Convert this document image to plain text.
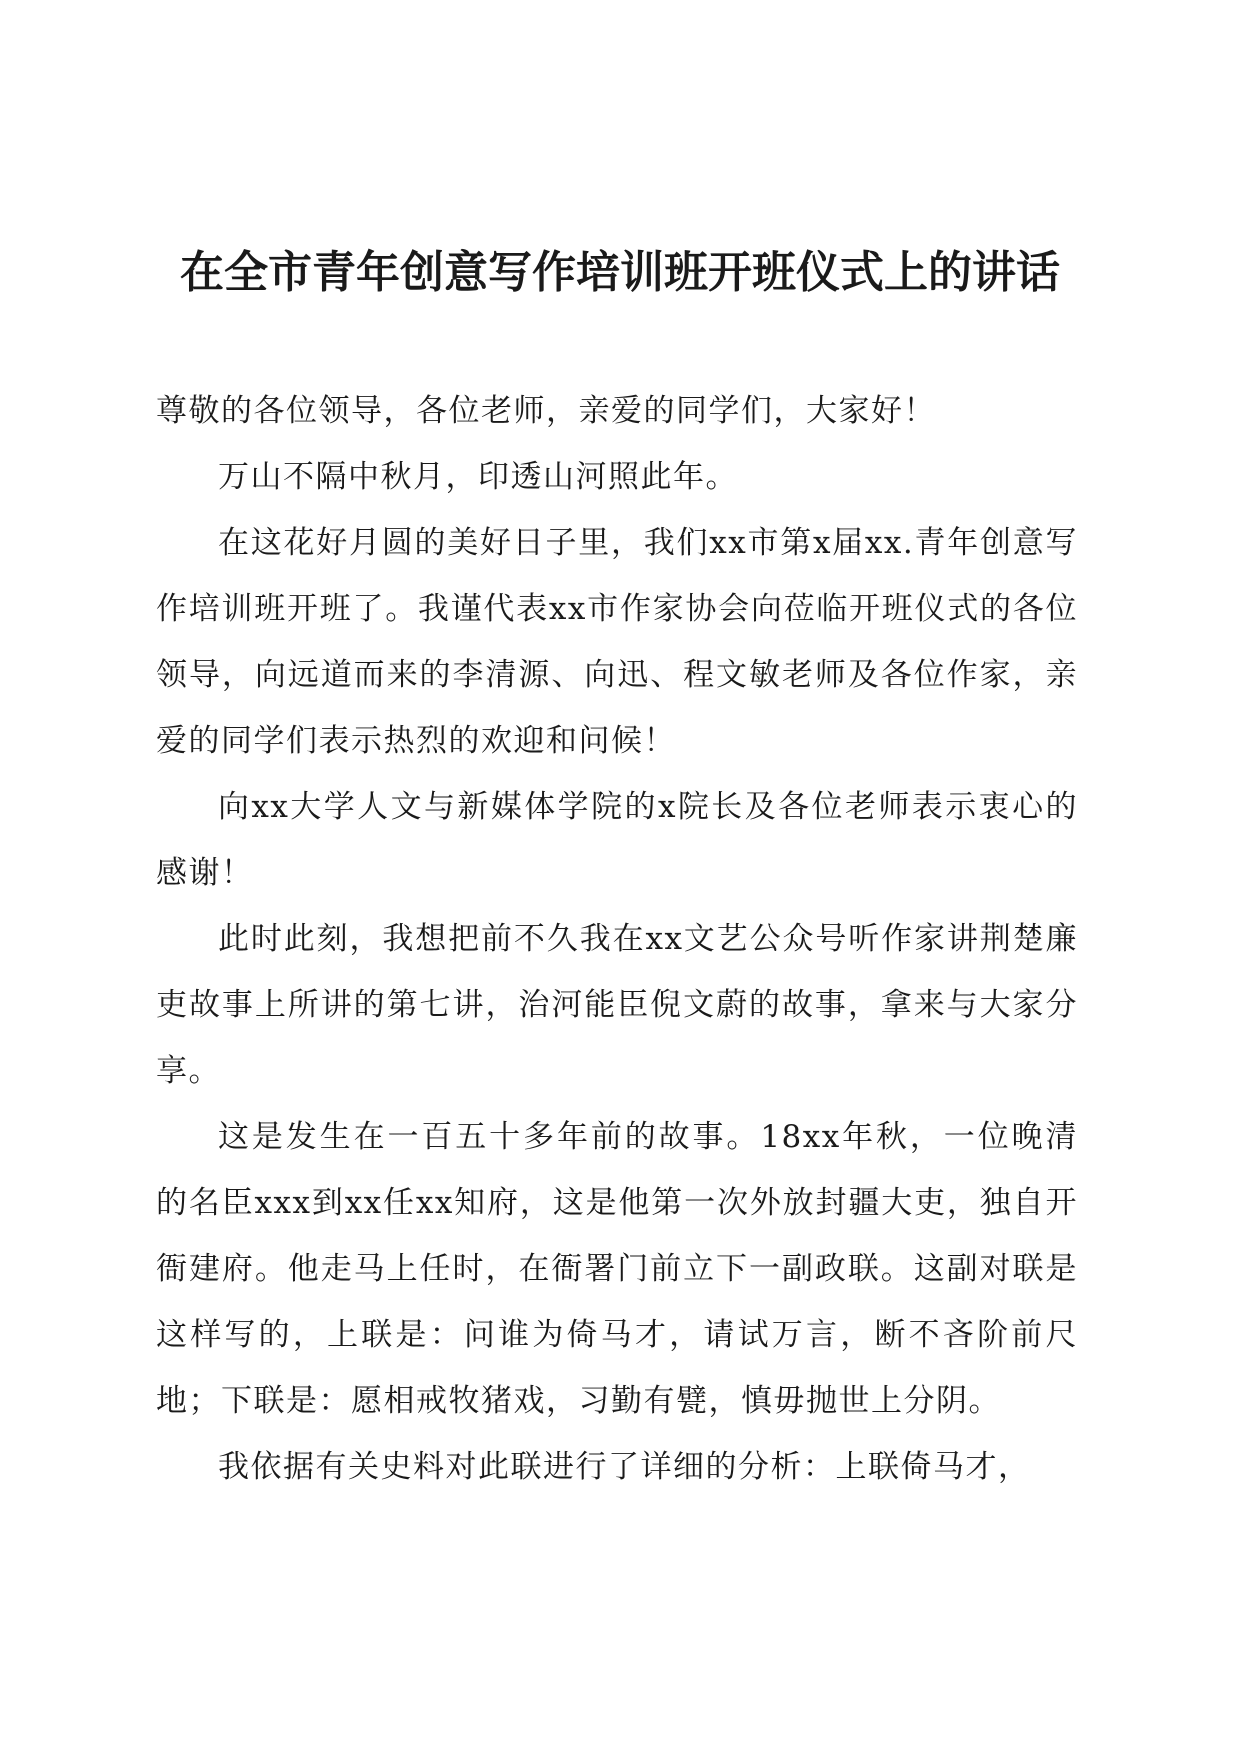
在全市青年创意写作培训班开班仪式上的讲话

尊敬的各位领导，各位老师，亲爱的同学们，大家好！

万山不隔中秋月，印透山河照此年。

在这花好月圆的美好日子里，我们xx市第x届xx.青年创意写作培训班开班了。我谨代表xx市作家协会向莅临开班仪式的各位领导，向远道而来的李清源、向迅、程文敏老师及各位作家，亲爱的同学们表示热烈的欢迎和问候！

向xx大学人文与新媒体学院的x院长及各位老师表示衷心的感谢！

此时此刻，我想把前不久我在xx文艺公众号听作家讲荆楚廉吏故事上所讲的第七讲，治河能臣倪文蔚的故事，拿来与大家分享。

这是发生在一百五十多年前的故事。18xx年秋，一位晚清的名臣xxx到xx任xx知府，这是他第一次外放封疆大吏，独自开衙建府。他走马上任时，在衙署门前立下一副政联。这副对联是这样写的，上联是：问谁为倚马才，请试万言，断不吝阶前尺地；下联是：愿相戒牧猪戏，习勤有甓，慎毋抛世上分阴。

我依据有关史料对此联进行了详细的分析：上联倚马才，
